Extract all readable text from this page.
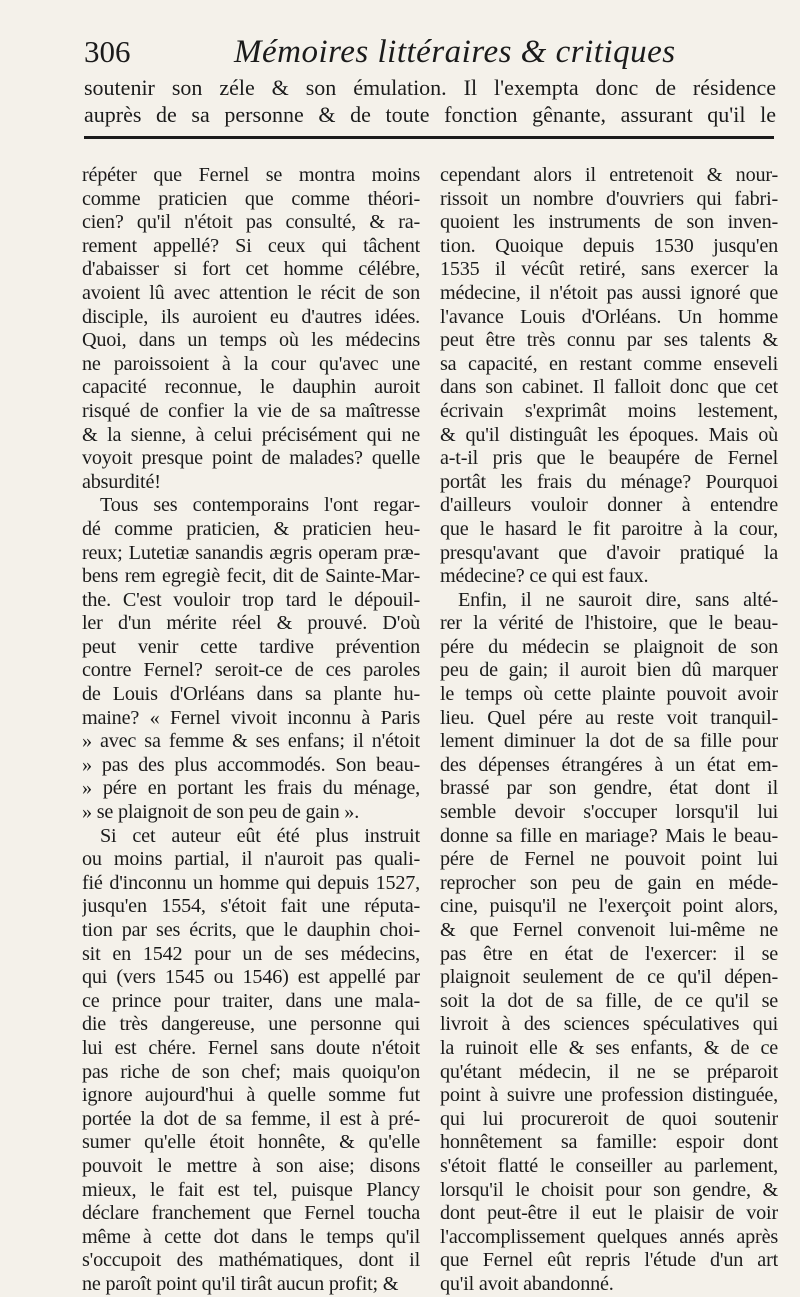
306	Mémoires littéraires & critiques
soutenir son zéle & son émulation. Il l'exempta donc de résidence
auprès de sa personne & de toute fonction gênante, assurant qu'il le

répéter que Fernel se montra moins
comme praticien que comme théori-
cien? qu'il n'étoit pas consulté, & ra-
rement appellé? Si ceux qui tâchent
d'abaisser si fort cet homme célébre,
avoient lû avec attention le récit de son
disciple, ils auroient eu d'autres idées.
Quoi, dans un temps où les médecins
ne paroissoient à la cour qu'avec une
capacité reconnue, le dauphin auroit
risqué de confier la vie de sa maîtresse
& la sienne, à celui précisément qui ne
voyoit presque point de malades? quelle
absurdité!

Tous ses contemporains l'ont regar-
dé comme praticien, & praticien heu-
reux; Lutetiæ sanandis ægris operam præ-
bens rem egregiè fecit, dit de Sainte-Mar-
the. C'est vouloir trop tard le dépouil-
ler d'un mérite réel & prouvé. D'où
peut venir cette tardive prévention
contre Fernel? seroit-ce de ces paroles
de Louis d'Orléans dans sa plante hu-
maine? « Fernel vivoit inconnu à Paris
» avec sa femme & ses enfans; il n'étoit
» pas des plus accommodés. Son beau-
» pére en portant les frais du ménage,
» se plaignoit de son peu de gain ».

Si cet auteur eût été plus instruit
ou moins partial, il n'auroit pas quali-
fié d'inconnu un homme qui depuis 1527,
jusqu'en 1554, s'étoit fait une réputa-
tion par ses écrits, que le dauphin choi-
sit en 1542 pour un de ses médecins,
qui (vers 1545 ou 1546) est appellé par
ce prince pour traiter, dans une mala-
die très dangereuse, une personne qui
lui est chére. Fernel sans doute n'étoit
pas riche de son chef; mais quoiqu'on
ignore aujourd'hui à quelle somme fut
portée la dot de sa femme, il est à pré-
sumer qu'elle étoit honnête, & qu'elle
pouvoit le mettre à son aise; disons
mieux, le fait est tel, puisque Plancy
déclare franchement que Fernel toucha
même à cette dot dans le temps qu'il
s'occupoit des mathématiques, dont il
ne paroît point qu'il tirât aucun profit; &

cependant alors il entretenoit & nour-
rissoit un nombre d'ouvriers qui fabri-
quoient les instruments de son inven-
tion. Quoique depuis 1530 jusqu'en
1535 il vécût retiré, sans exercer la
médecine, il n'étoit pas aussi ignoré que
l'avance Louis d'Orléans. Un homme
peut être très connu par ses talents &
sa capacité, en restant comme enseveli
dans son cabinet. Il falloit donc que cet
écrivain s'exprimât moins lestement,
& qu'il distinguât les époques. Mais où
a-t-il pris que le beaupére de Fernel
portât les frais du ménage? Pourquoi
d'ailleurs vouloir donner à entendre
que le hasard le fit paroitre à la cour,
presqu'avant que d'avoir pratiqué la
médecine? ce qui est faux.

Enfin, il ne sauroit dire, sans alté-
rer la vérité de l'histoire, que le beau-
pére du médecin se plaignoit de son
peu de gain; il auroit bien dû marquer
le temps où cette plainte pouvoit avoir
lieu. Quel pére au reste voit tranquil-
lement diminuer la dot de sa fille pour
des dépenses étrangéres à un état em-
brassé par son gendre, état dont il
semble devoir s'occuper lorsqu'il lui
donne sa fille en mariage? Mais le beau-
pére de Fernel ne pouvoit point lui
reprocher son peu de gain en méde-
cine, puisqu'il ne l'exerçoit point alors,
& que Fernel convenoit lui-même ne
pas être en état de l'exercer: il se
plaignoit seulement de ce qu'il dépen-
soit la dot de sa fille, de ce qu'il se
livroit à des sciences spéculatives qui
la ruinoit elle & ses enfants, & de ce
qu'étant médecin, il ne se préparoit
point à suivre une profession distinguée,
qui lui procureroit de quoi soutenir
honnêtement sa famille: espoir dont
s'étoit flatté le conseiller au parlement,
lorsqu'il le choisit pour son gendre, &
dont peut-être il eut le plaisir de voir
l'accomplissement quelques annés après
que Fernel eût repris l'étude d'un art
qu'il avoit abandonné.
